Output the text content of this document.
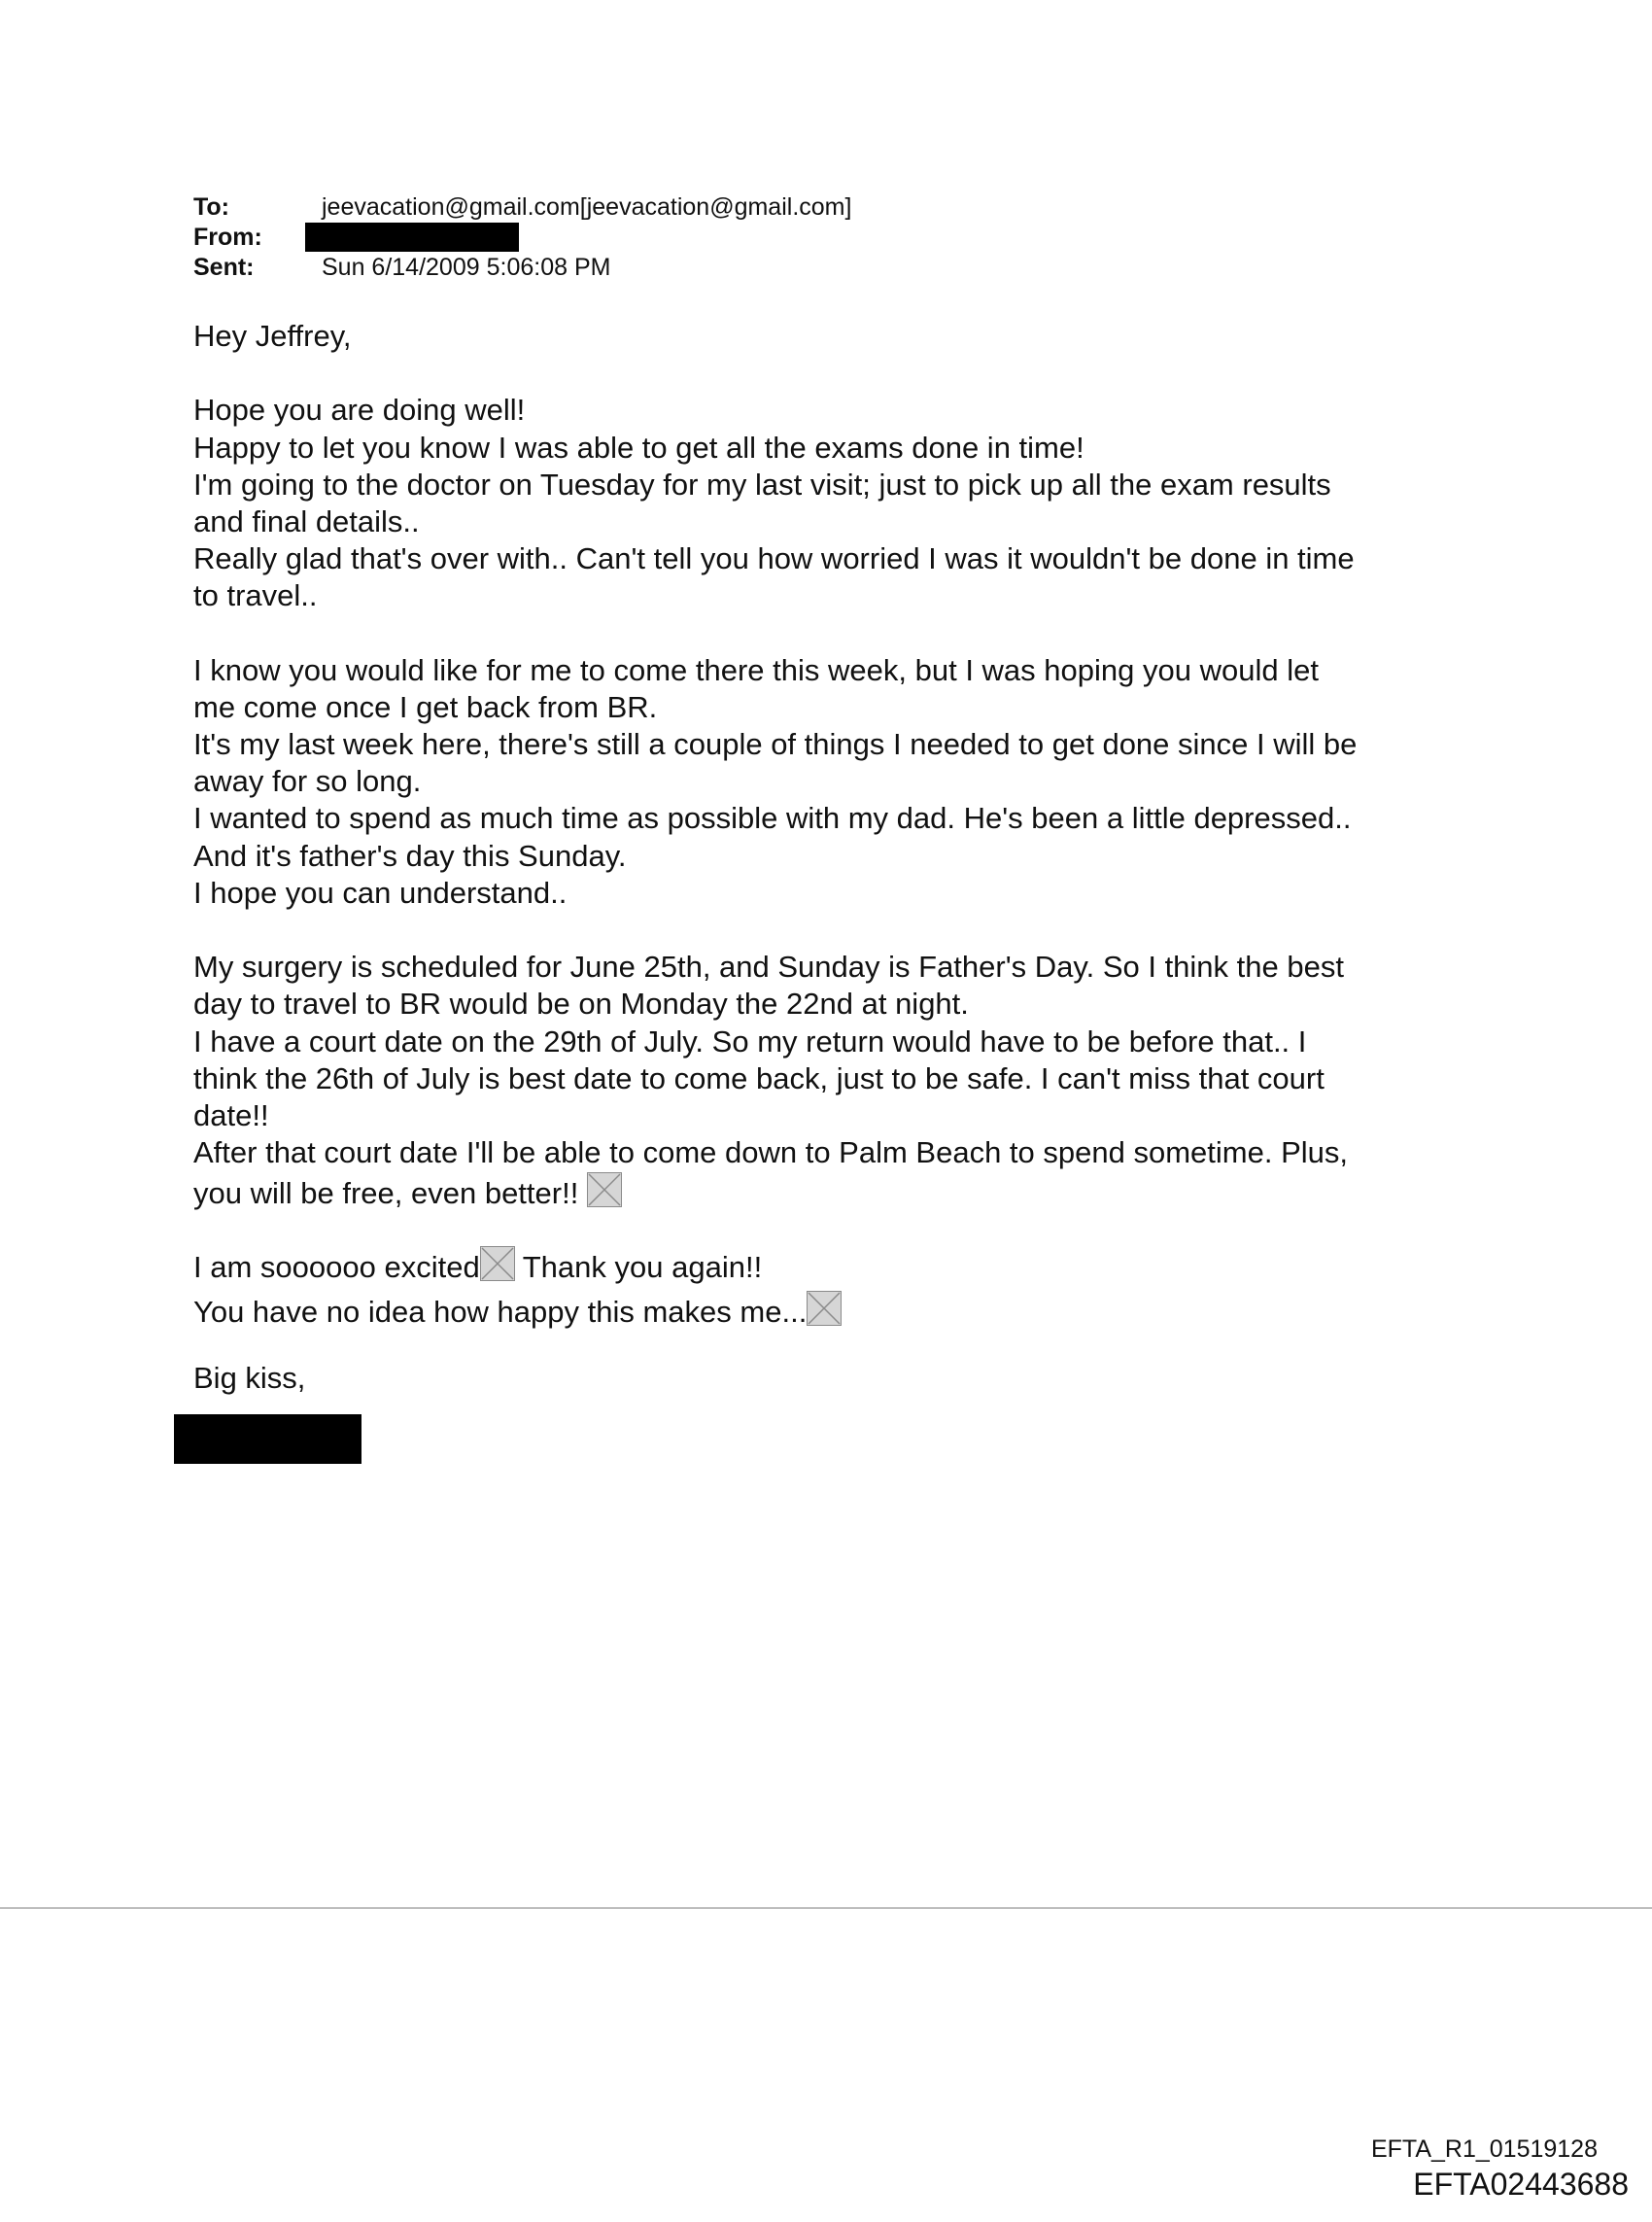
To:	jeevacation@gmail.com[jeevacation@gmail.com]
From:
Sent:	Sun 6/14/2009 5:06:08 PM
Hey Jeffrey,
Hope you are doing well!
Happy to let you know I was able to get all the exams done in time!
I'm going to the doctor on Tuesday for my last visit; just to pick up all the exam results
and final details..
Really glad that's over with.. Can't tell you how worried I was it wouldn't be done in time
to travel..
I know you would like for me to come there this week, but I was hoping you would let
me come once I get back from BR.
It's my last week here, there's still a couple of things I needed to get done since I will be
away for so long.
I wanted to spend as much time as possible with my dad. He's been a little depressed..
And it's father's day this Sunday.
I hope you can understand..
My surgery is scheduled for June 25th, and Sunday is Father's Day. So I think the best
day to travel to BR would be on Monday the 22nd at night.
I have a court date on the 29th of July. So my return would have to be before that.. I
think the 26th of July is best date to come back, just to be safe. I can't miss that court
date!!
After that court date I'll be able to come down to Palm Beach to spend sometime. Plus,
you will be free, even better!!
I am soooooo excited
Thank you again!!
You have no idea how happy this makes me...
Big kiss,
EFTA_R1_01519128
EFTA02443688
